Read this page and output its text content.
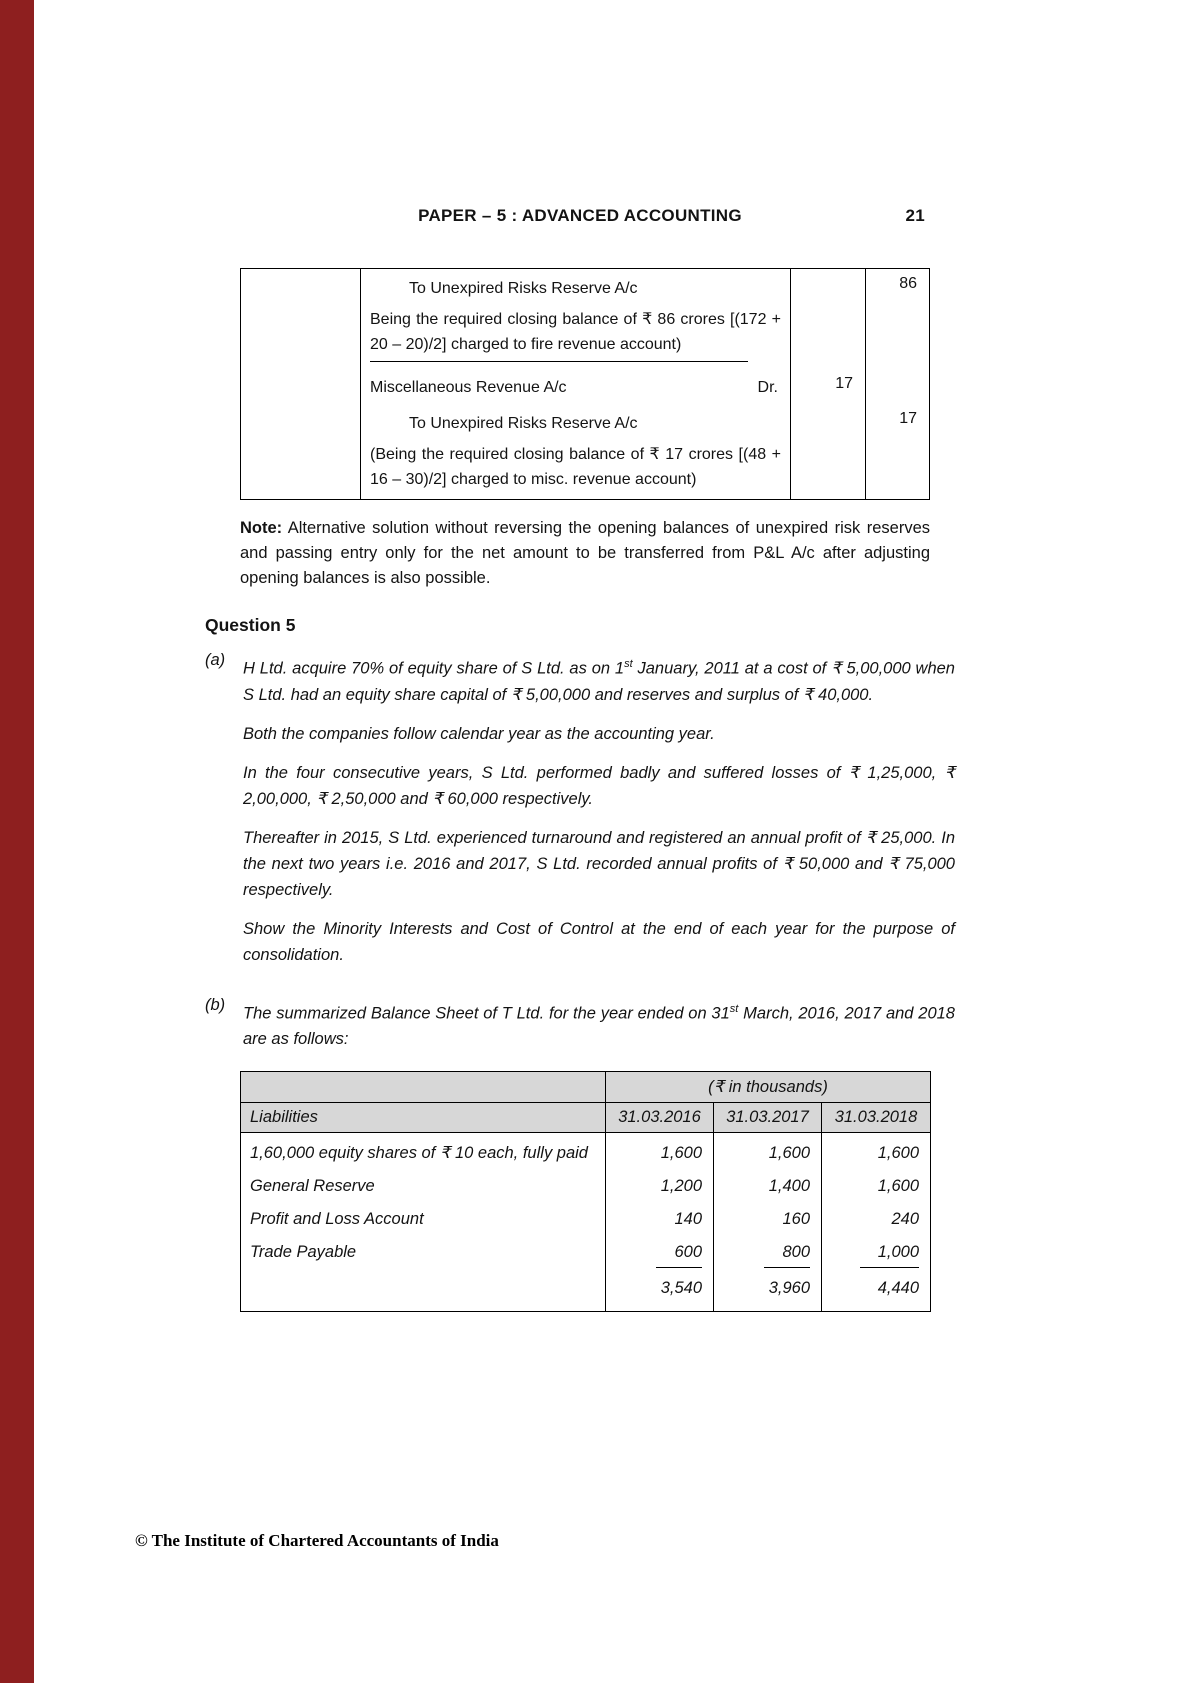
PAPER – 5 : ADVANCED ACCOUNTING	21
To Unexpired Risks Reserve A/c	86
Being the required closing balance of ₹ 86 crores [(172 + 20 – 20)/2] charged to fire revenue account)
Miscellaneous Revenue A/c	Dr.	17
To Unexpired Risks Reserve A/c	17
(Being the required closing balance of ₹ 17 crores [(48 + 16 – 30)/2] charged to misc. revenue account)

Note: Alternative solution without reversing the opening balances of unexpired risk reserves and passing entry only for the net amount to be transferred from P&L A/c after adjusting opening balances is also possible.

Question 5
(a)	H Ltd. acquire 70% of equity share of S Ltd. as on 1st January, 2011 at a cost of ₹ 5,00,000 when S Ltd. had an equity share capital of ₹ 5,00,000 and reserves and surplus of ₹ 40,000.

Both the companies follow calendar year as the accounting year.

In the four consecutive years, S Ltd. performed badly and suffered losses of ₹ 1,25,000, ₹ 2,00,000, ₹ 2,50,000 and ₹ 60,000 respectively.

Thereafter in 2015, S Ltd. experienced turnaround and registered an annual profit of ₹ 25,000. In the next two years i.e. 2016 and 2017, S Ltd. recorded annual profits of ₹ 50,000 and ₹ 75,000 respectively.

Show the Minority Interests and Cost of Control at the end of each year for the purpose of consolidation.

(b)	The summarized Balance Sheet of T Ltd. for the year ended on 31st March, 2016, 2017 and 2018 are as follows:

	(₹ in thousands)		
Liabilities	31.03.2016	31.03.2017	31.03.2018
1,60,000 equity shares of ₹ 10 each, fully paid	1,600	1,600	1,600
General Reserve	1,200	1,400	1,600
Profit and Loss Account	140	160	240
Trade Payable	600	800	1,000
	3,540	3,960	4,440
© The Institute of Chartered Accountants of India
